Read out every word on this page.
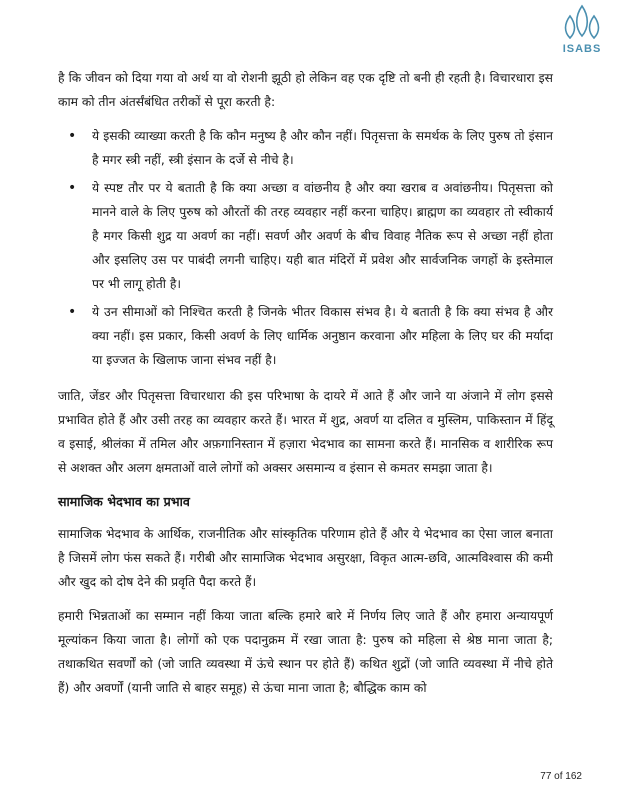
ISABS

है कि जीवन को दिया गया वो अर्थ या वो रोशनी झूठी हो लेकिन वह एक दृष्टि तो बनी ही रहती है। विचारधारा इस काम को तीन अंतर्संबंधित तरीकों से पूरा करती है:

• ये इसकी व्याख्या करती है कि कौन मनुष्य है और कौन नहीं। पितृसत्ता के समर्थक के लिए पुरुष तो इंसान है मगर स्त्री नहीं, स्त्री इंसान के दर्जे से नीचे है।
• ये स्पष्ट तौर पर ये बताती है कि क्या अच्छा व वांछनीय है और क्या खराब व अवांछनीय। पितृसत्ता को मानने वाले के लिए पुरुष को औरतों की तरह व्यवहार नहीं करना चाहिए। ब्राह्मण का व्यवहार तो स्वीकार्य है मगर किसी शुद्र या अवर्ण का नहीं। सवर्ण और अवर्ण के बीच विवाह नैतिक रूप से अच्छा नहीं होता और इसलिए उस पर पाबंदी लगनी चाहिए। यही बात मंदिरों में प्रवेश और सार्वजनिक जगहों के इस्तेमाल पर भी लागू होती है।
• ये उन सीमाओं को निश्चित करती है जिनके भीतर विकास संभव है। ये बताती है कि क्या संभव है और क्या नहीं। इस प्रकार, किसी अवर्ण के लिए धार्मिक अनुष्ठान करवाना और महिला के लिए घर की मर्यादा या इज्जत के खिलाफ जाना संभव नहीं है।

जाति, जेंडर और पितृसत्ता विचारधारा की इस परिभाषा के दायरे में आते हैं और जाने या अंजाने में लोग इससे प्रभावित होते हैं और उसी तरह का व्यवहार करते हैं। भारत में शुद्र, अवर्ण या दलित व मुस्लिम, पाकिस्तान में हिंदू व इसाई, श्रीलंका में तमिल और अफ़गानिस्तान में हज़ारा भेदभाव का सामना करते हैं। मानसिक व शारीरिक रूप से अशक्त और अलग क्षमताओं वाले लोगों को अक्सर असमान्य व इंसान से कमतर समझा जाता है।

सामाजिक भेदभाव का प्रभाव

सामाजिक भेदभाव के आर्थिक, राजनीतिक और सांस्कृतिक परिणाम होते हैं और ये भेदभाव का ऐसा जाल बनाता है जिसमें लोग फंस सकते हैं। गरीबी और सामाजिक भेदभाव असुरक्षा, विकृत आत्म-छवि, आत्मविश्वास की कमी और खुद को दोष देने की प्रवृति पैदा करते हैं।

हमारी भिन्नताओं का सम्मान नहीं किया जाता बल्कि हमारे बारे में निर्णय लिए जाते हैं और हमारा अन्यायपूर्ण मूल्यांकन किया जाता है। लोगों को एक पदानुक्रम में रखा जाता है: पुरुष को महिला से श्रेष्ठ माना जाता है; तथाकथित सवर्णों को (जो जाति व्यवस्था में ऊंचे स्थान पर होते हैं) कथित शुद्रों (जो जाति व्यवस्था में नीचे होते हैं) और अवर्णों (यानी जाति से बाहर समूह) से ऊंचा माना जाता है; बौद्धिक काम को

77 of 162
